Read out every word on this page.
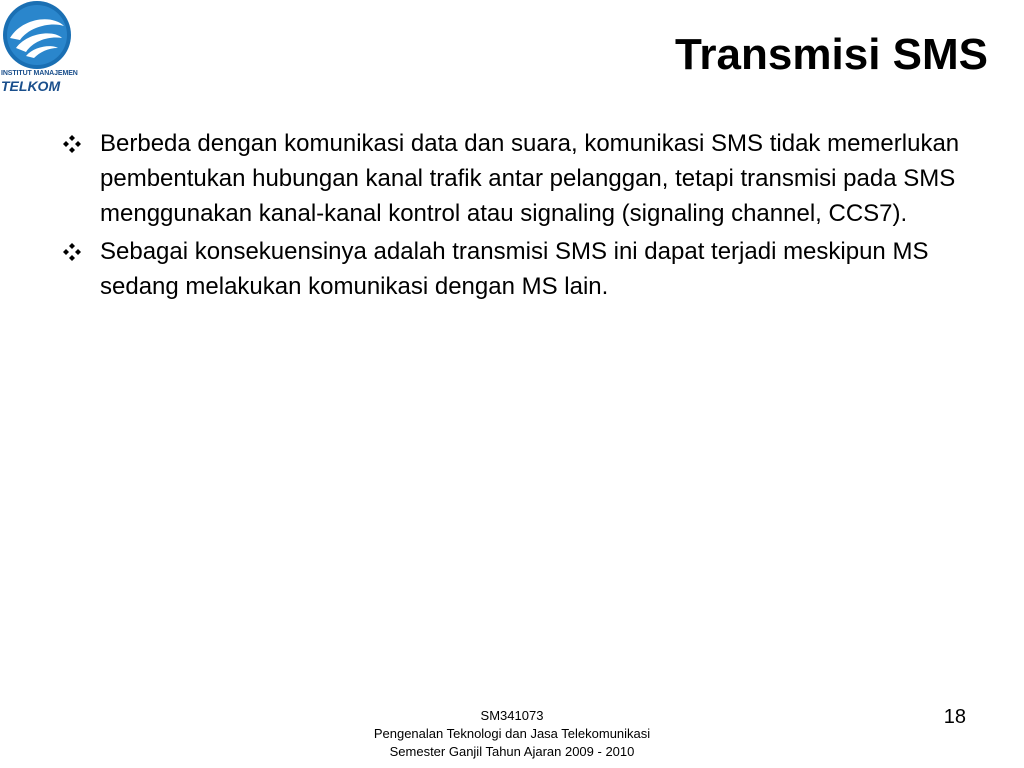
INSTITUT MANAJEMEN
TELKOM
Transmisi SMS
Berbeda dengan komunikasi data dan suara, komunikasi SMS tidak memerlukan pembentukan hubungan kanal trafik antar pelanggan, tetapi transmisi pada SMS menggunakan kanal-kanal kontrol atau signaling (signaling channel, CCS7).
Sebagai konsekuensinya adalah transmisi SMS ini dapat terjadi meskipun MS sedang melakukan komunikasi dengan MS lain.
SM341073
Pengenalan Teknologi dan Jasa Telekomunikasi
Semester Ganjil Tahun Ajaran 2009 - 2010
18
